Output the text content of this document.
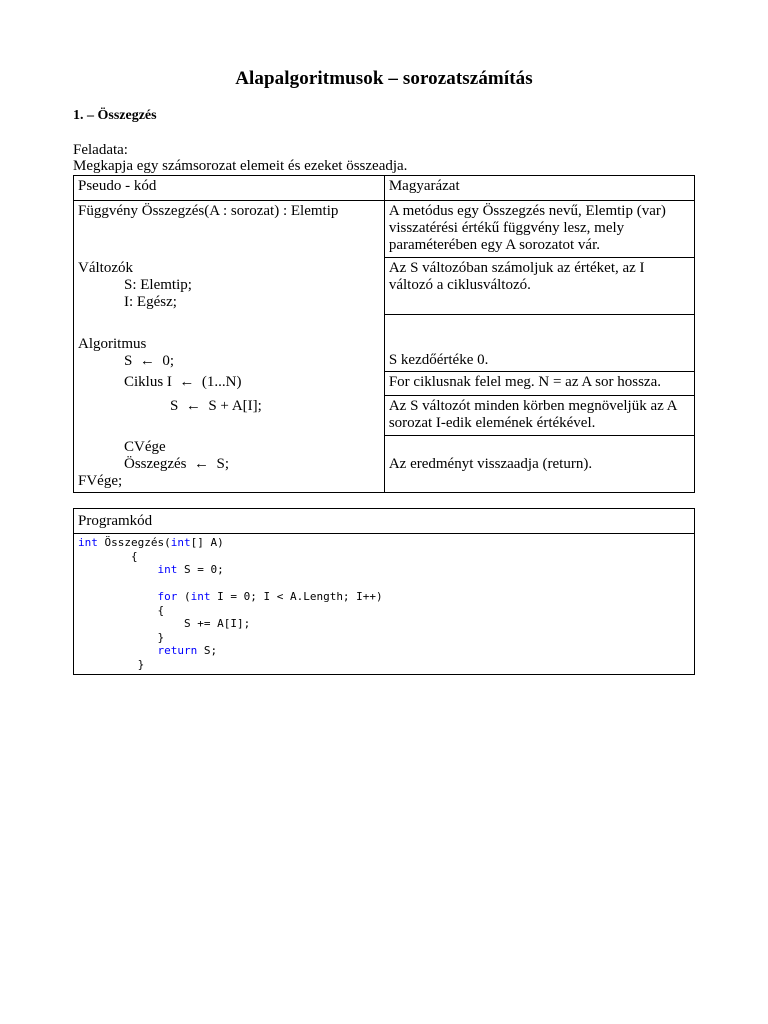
Alapalgoritmusok – sorozatszámítás
1. – Összegzés
Feladata:
Megkapja egy számsorozat elemeit és ezeket összeadja.
Pseudo - kód	Magyarázat

Függvény Összegzés(A : sorozat) : Elemtip	A metódus egy Összegzés nevű, Elemtip (var) visszatérési értékű függvény lesz, mely paraméterében egy A sorozatot vár.

Változók
S: Elemtip;
I: Egész;	Az S változóban számoljuk az értéket, az I változó a ciklusváltozó.

Algoritmus
S  ←  0;	S kezdőértéke 0.

Ciklus I  ←  (1...N)	For ciklusnak felel meg. N = az A sor hossza.

S  ←  S + A[I];	Az S változót minden körben megnöveljük az A sorozat I-edik elemének értékével.

CVége
Összegzés  ←  S;
FVége;	Az eredményt visszaadja (return).
Programkód
int Összegzés(int[] A)
{
int S = 0;

for (int I = 0; I < A.Length; I++)
{
S += A[I];
}
return S;
}
